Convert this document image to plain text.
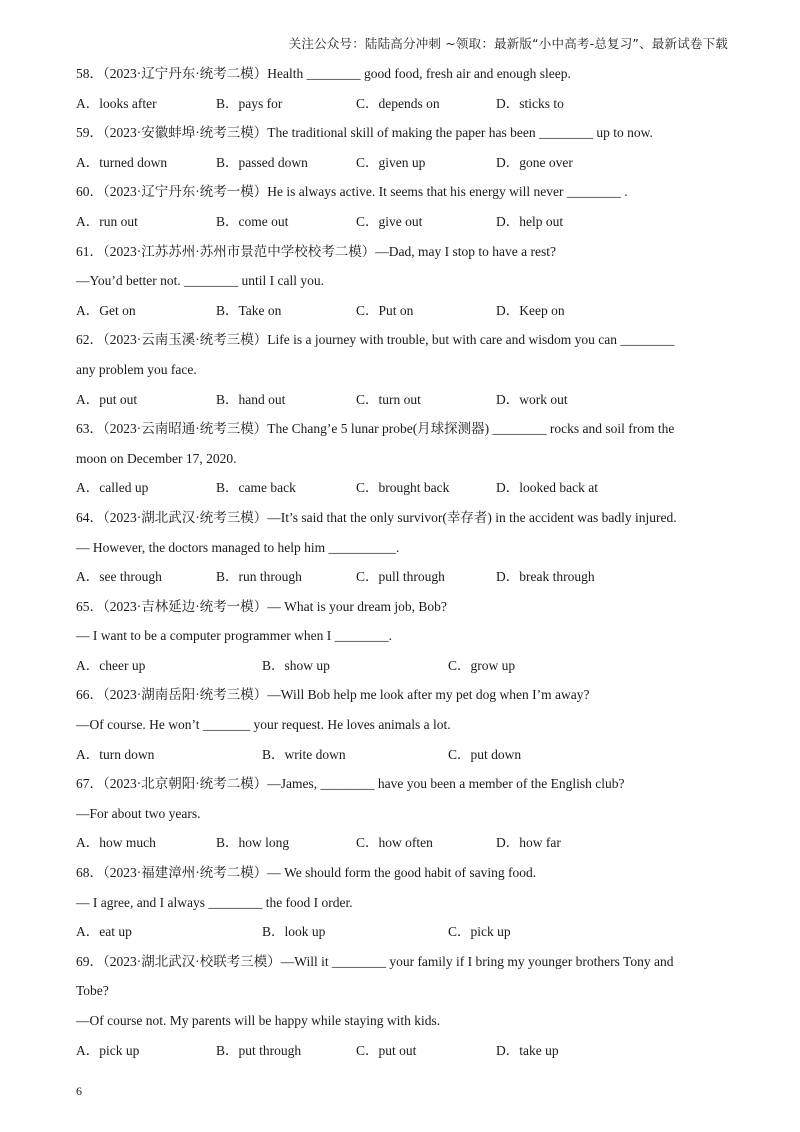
关注公众号：陆陆高分冲刺 ~领取：最新版“小中高考-总复习”、最新试卷下载
58．（2023·辽宁丹东·统考二模）Health ________ good food, fresh air and enough sleep.
A．looks after	B．pays for	C．depends on	D．sticks to
59．（2023·安徽蚌埠·统考三模）The traditional skill of making the paper has been ________ up to now.
A．turned down	B．passed down	C．given up	D．gone over
60．（2023·辽宁丹东·统考一模）He is always active. It seems that his energy will never ________ .
A．run out	B．come out	C．give out	D．help out
61．（2023·江苏苏州·苏州市景范中学校校考二模）—Dad, may I stop to have a rest?
—You’d better not. ________ until I call you.
A．Get on	B．Take on	C．Put on	D．Keep on
62．（2023·云南玉溪·统考三模）Life is a journey with trouble, but with care and wisdom you can ________
any problem you face.
A．put out	B．hand out	C．turn out	D．work out
63．（2023·云南昭通·统考三模）The Chang’e 5 lunar probe(月球探测器) ________ rocks and soil from the
moon on December 17, 2020.
A．called up	B．came back	C．brought back	D．looked back at
64．（2023·湖北武汉·统考三模）—It’s said that the only survivor(幸存者) in the accident was badly injured.
— However, the doctors managed to help him __________.
A．see through	B．run through	C．pull through	D．break through
65．（2023·吉林延边·统考一模）— What is your dream job, Bob?
— I want to be a computer programmer when I ________.
A．cheer up	B．show up	C．grow up
66．（2023·湖南岳阳·统考三模）—Will Bob help me look after my pet dog when I’m away?
—Of course. He won’t _______ your request. He loves animals a lot.
A．turn down	B．write down	C．put down
67．（2023·北京朝阳·统考二模）—James, ________ have you been a member of the English club?
—For about two years.
A．how much	B．how long	C．how often	D．how far
68．（2023·福建漳州·统考二模）— We should form the good habit of saving food.
— I agree, and I always ________ the food I order.
A．eat up	B．look up	C．pick up
69．（2023·湖北武汉·校联考三模）—Will it ________ your family if I bring my younger brothers Tony and
Tobe?
—Of course not. My parents will be happy while staying with kids.
A．pick up	B．put through	C．put out	D．take up
6
